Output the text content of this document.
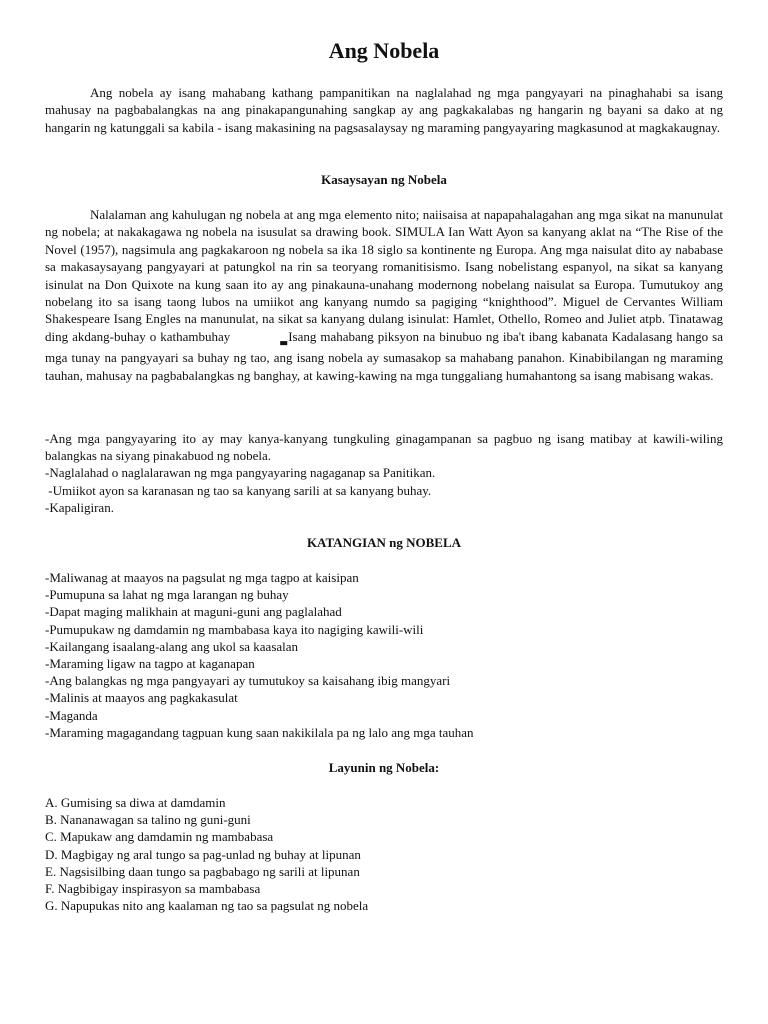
Ang Nobela

Ang nobela ay isang mahabang kathang pampanitikan na naglalahad ng mga pangyayari na pinaghahabi sa isang mahusay na pagbabalangkas na ang pinakapangunahing sangkap ay ang pagkakalabas ng hangarin ng bayani sa dako at ng hangarin ng katunggali sa kabila - isang makasining na pagsasalaysay ng maraming pangyayaring magkasunod at magkakaugnay.

Kasaysayan ng Nobela

Nalalaman ang kahulugan ng nobela at ang mga elemento nito; naiisaisa at napapahalagahan ang mga sikat na manunulat ng nobela; at nakakagawa ng nobela na isusulat sa drawing book. SIMULA Ian Watt Ayon sa kanyang aklat na “The Rise of the Novel (1957), nagsimula ang pagkakaroon ng nobela sa ika 18 siglo sa kontinente ng Europa. Ang mga naisulat dito ay nababase sa makasaysayang pangyayari at patungkol na rin sa teoryang romanitisismo. Isang nobelistang espanyol, na sikat sa kanyang isinulat na Don Quixote na kung saan ito ay ang pinakauna-unahang modernong nobelang naisulat sa Europa. Tumutukoy ang nobelang ito sa isang taong lubos na umiikot ang kanyang numdo sa pagiging “knighthood”. Miguel de Cervantes William Shakespeare Isang Engles na manunulat, na sikat sa kanyang dulang isinulat: Hamlet, Othello, Romeo and Juliet atpb. Tinatawag ding akdang-buhay o kathambuhay	▃Isang mahabang piksyon na binubuo ng iba't ibang kabanata Kadalasang hango sa mga tunay na pangyayari sa buhay ng tao, ang isang nobela ay sumasakop sa mahabang panahon. Kinabibilangan ng maraming tauhan, mahusay na pagbabalangkas ng banghay, at kawing-kawing na mga tunggaliang humahantong sa isang mabisang wakas.

-Ang mga pangyayaring ito ay may kanya-kanyang tungkuling ginagampanan sa pagbuo ng isang matibay at kawili-wiling balangkas na siyang pinakabuod ng nobela.
-Naglalahad o naglalarawan ng mga pangyayaring nagaganap sa Panitikan.
-Umiikot ayon sa karanasan ng tao sa kanyang sarili at sa kanyang buhay.
-Kapaligiran.
KATANGIAN ng NOBELA
-Maliwanag at maayos na pagsulat ng mga tagpo at kaisipan
-Pumupuna sa lahat ng mga larangan ng buhay
-Dapat maging malikhain at maguni-guni ang paglalahad
-Pumupukaw ng damdamin ng mambabasa kaya ito nagiging kawili-wili
-Kailangang isaalang-alang ang ukol sa kaasalan
-Maraming ligaw na tagpo at kaganapan
-Ang balangkas ng mga pangyayari ay tumutukoy sa kaisahang ibig mangyari
-Malinis at maayos ang pagkakasulat
-Maganda
-Maraming magagandang tagpuan kung saan nakikilala pa ng lalo ang mga tauhan
Layunin ng Nobela:
A. Gumising sa diwa at damdamin
B. Nananawagan sa talino ng guni-guni
C. Mapukaw ang damdamin ng mambabasa
D. Magbigay ng aral tungo sa pag-unlad ng buhay at lipunan
E. Nagsisilbing daan tungo sa pagbabago ng sarili at lipunan
F. Nagbibigay inspirasyon sa mambabasa
G. Napupukas nito ang kaalaman ng tao sa pagsulat ng nobela
